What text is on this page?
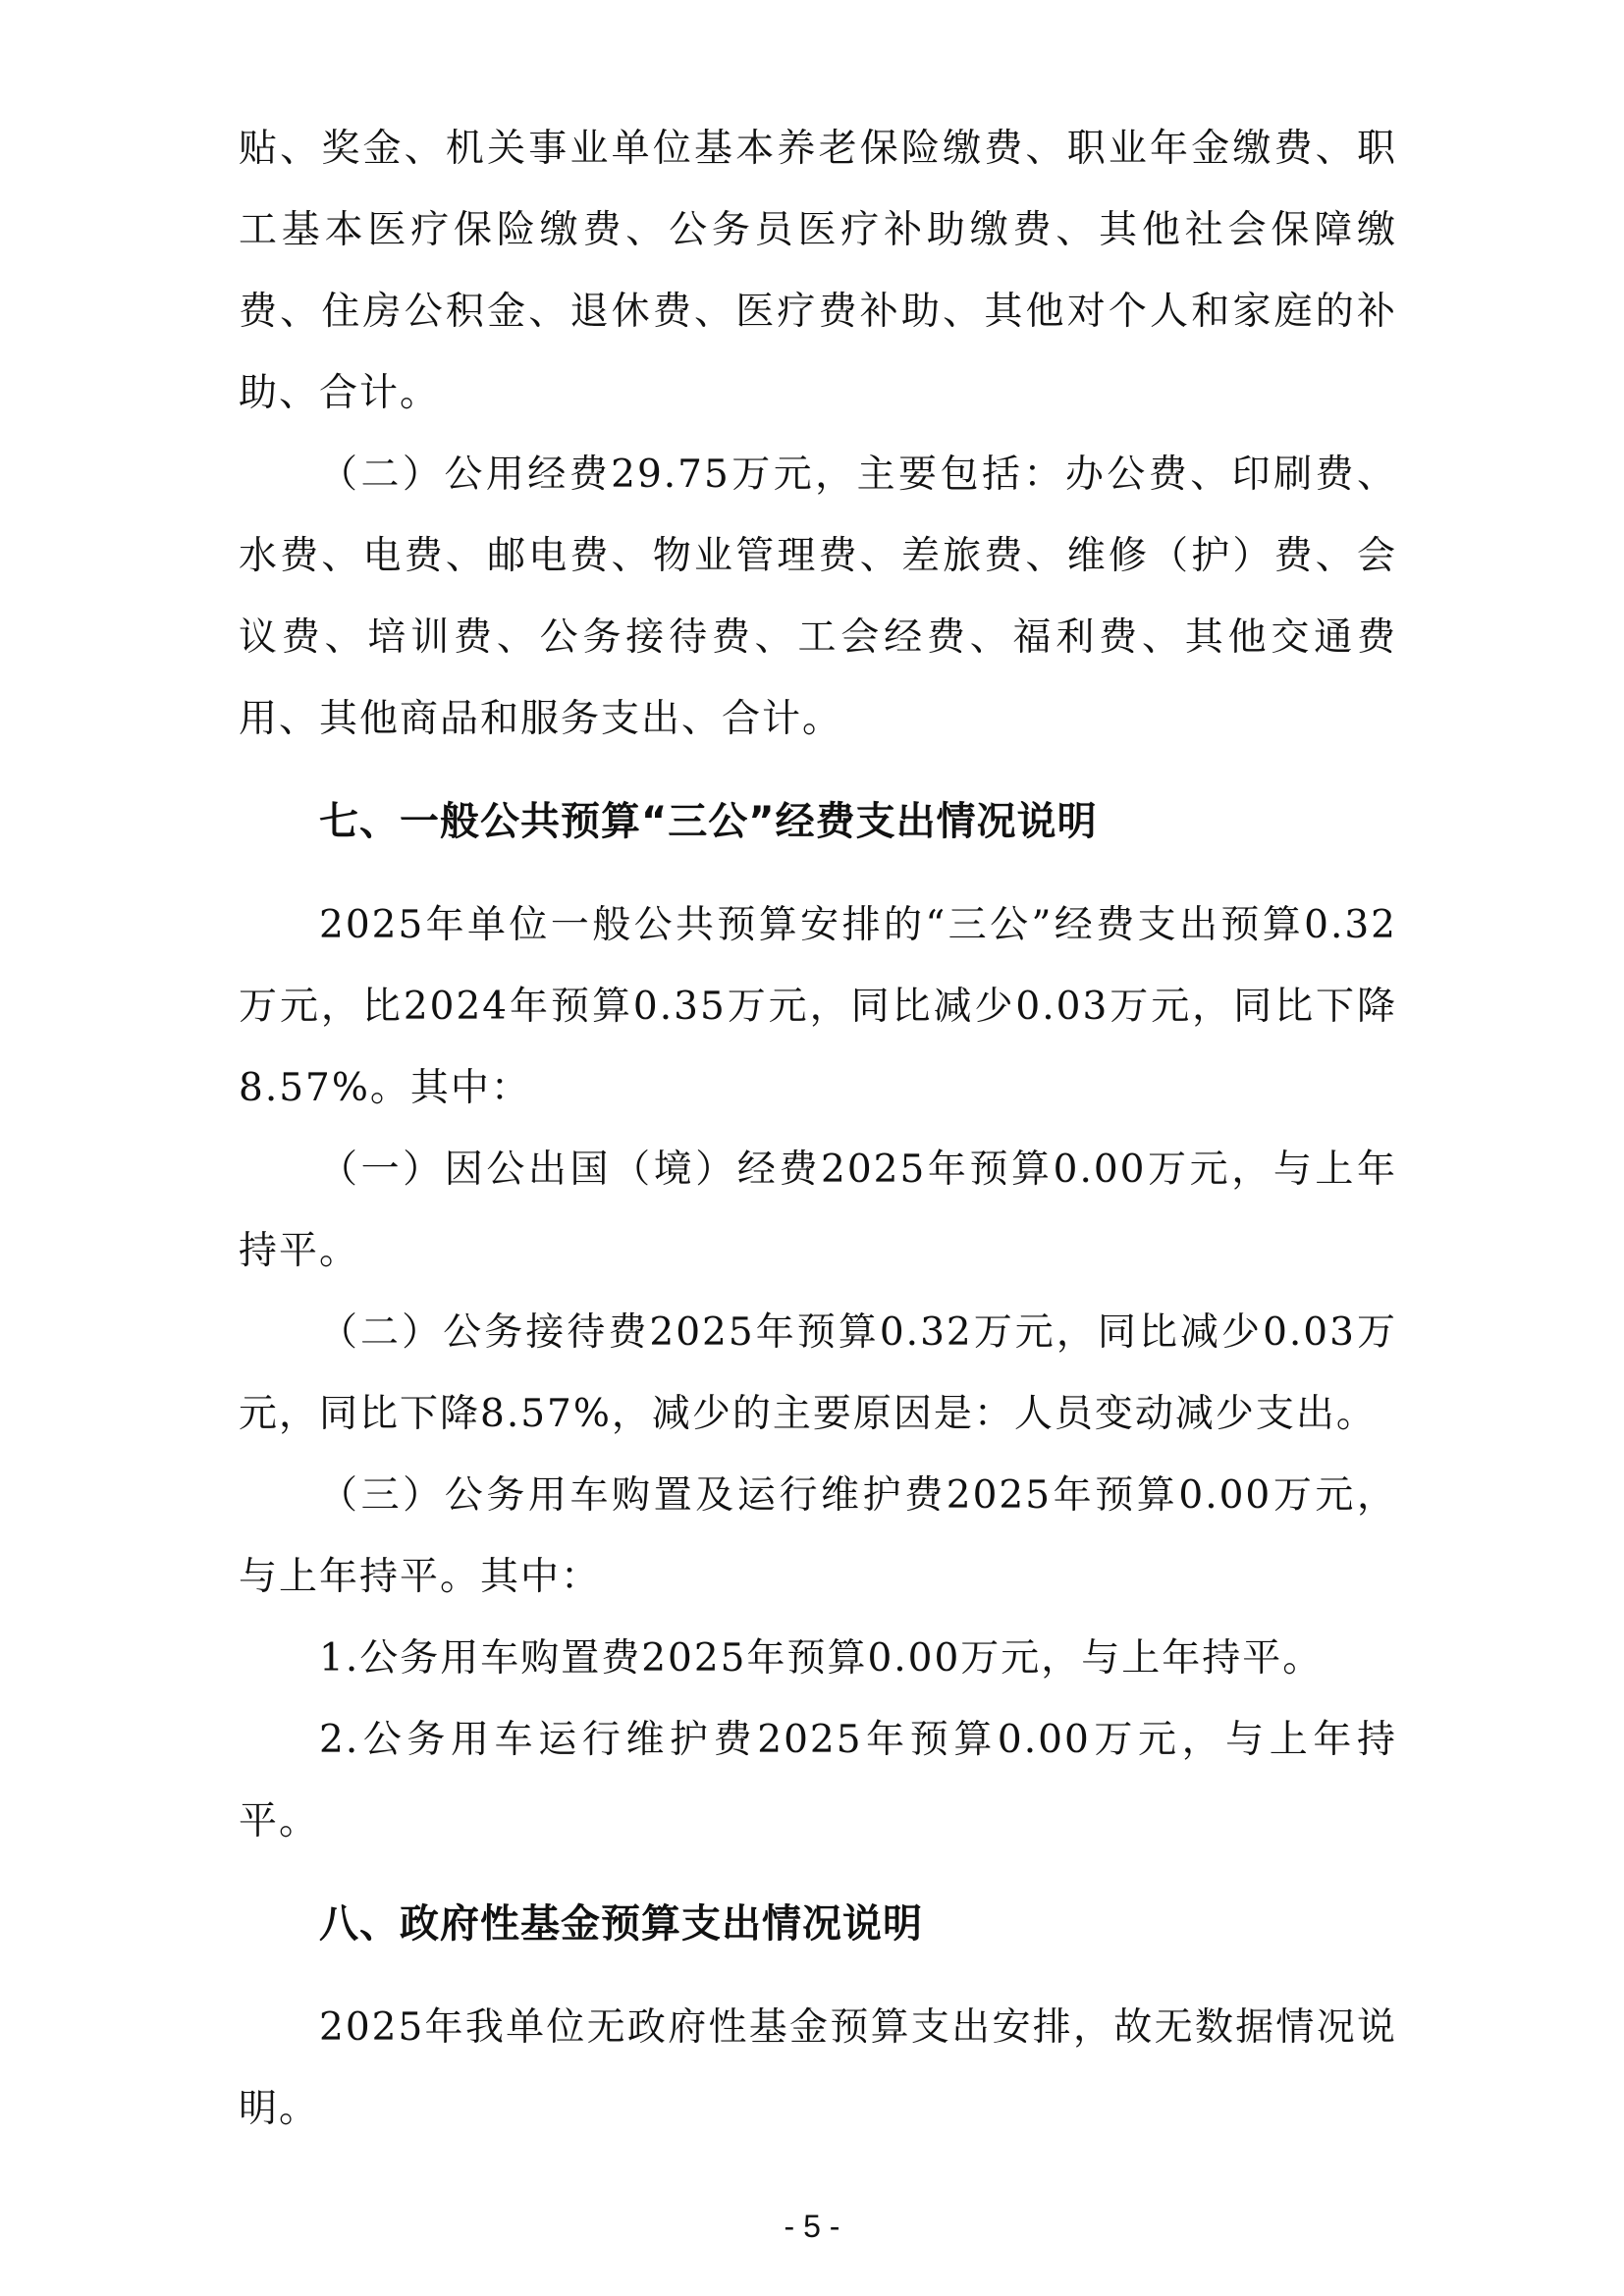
贴、奖金、机关事业单位基本养老保险缴费、职业年金缴费、职工基本医疗保险缴费、公务员医疗补助缴费、其他社会保障缴费、住房公积金、退休费、医疗费补助、其他对个人和家庭的补助、合计。

（二）公用经费29.75万元，主要包括：办公费、印刷费、水费、电费、邮电费、物业管理费、差旅费、维修（护）费、会议费、培训费、公务接待费、工会经费、福利费、其他交通费用、其他商品和服务支出、合计。

七、一般公共预算“三公”经费支出情况说明

2025年单位一般公共预算安排的“三公”经费支出预算0.32万元，比2024年预算0.35万元，同比减少0.03万元，同比下降8.57%。其中：

（一）因公出国（境）经费2025年预算0.00万元，与上年持平。

（二）公务接待费2025年预算0.32万元，同比减少0.03万元，同比下降8.57%，减少的主要原因是：人员变动减少支出。

（三）公务用车购置及运行维护费2025年预算0.00万元，与上年持平。其中：

1.公务用车购置费2025年预算0.00万元，与上年持平。

2.公务用车运行维护费2025年预算0.00万元，与上年持平。

八、政府性基金预算支出情况说明

2025年我单位无政府性基金预算支出安排，故无数据情况说明。

- 5 -
